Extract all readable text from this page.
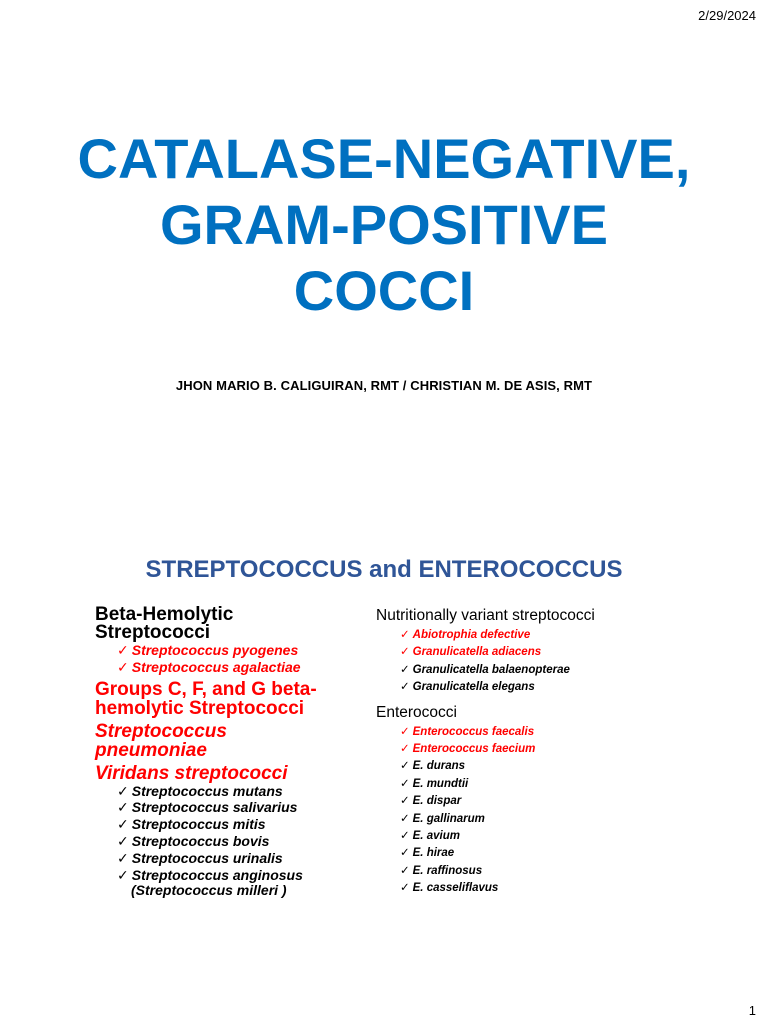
2/29/2024
CATALASE-NEGATIVE,
GRAM-POSITIVE
COCCI
JHON MARIO B. CALIGUIRAN, RMT / CHRISTIAN M. DE ASIS, RMT
STREPTOCOCCUS and ENTEROCOCCUS
Beta-Hemolytic
Streptococci
✓ Streptococcus pyogenes
✓ Streptococcus agalactiae
Groups C, F, and G beta-
hemolytic Streptococci
Streptococcus
pneumoniae
Viridans streptococci
✓ Streptococcus mutans
✓ Streptococcus salivarius
✓ Streptococcus mitis
✓ Streptococcus bovis
✓ Streptococcus urinalis
✓ Streptococcus anginosus
(Streptococcus milleri )
Nutritionally variant streptococci
✓ Abiotrophia defective
✓ Granulicatella adiacens
✓ Granulicatella balaenopterae
✓ Granulicatella elegans
Enterococci
✓ Enterococcus faecalis
✓ Enterococcus faecium
✓ E. durans
✓ E. mundtii
✓ E. dispar
✓ E. gallinarum
✓ E. avium
✓ E. hirae
✓ E. raffinosus
✓ E. casseliflavus
1
